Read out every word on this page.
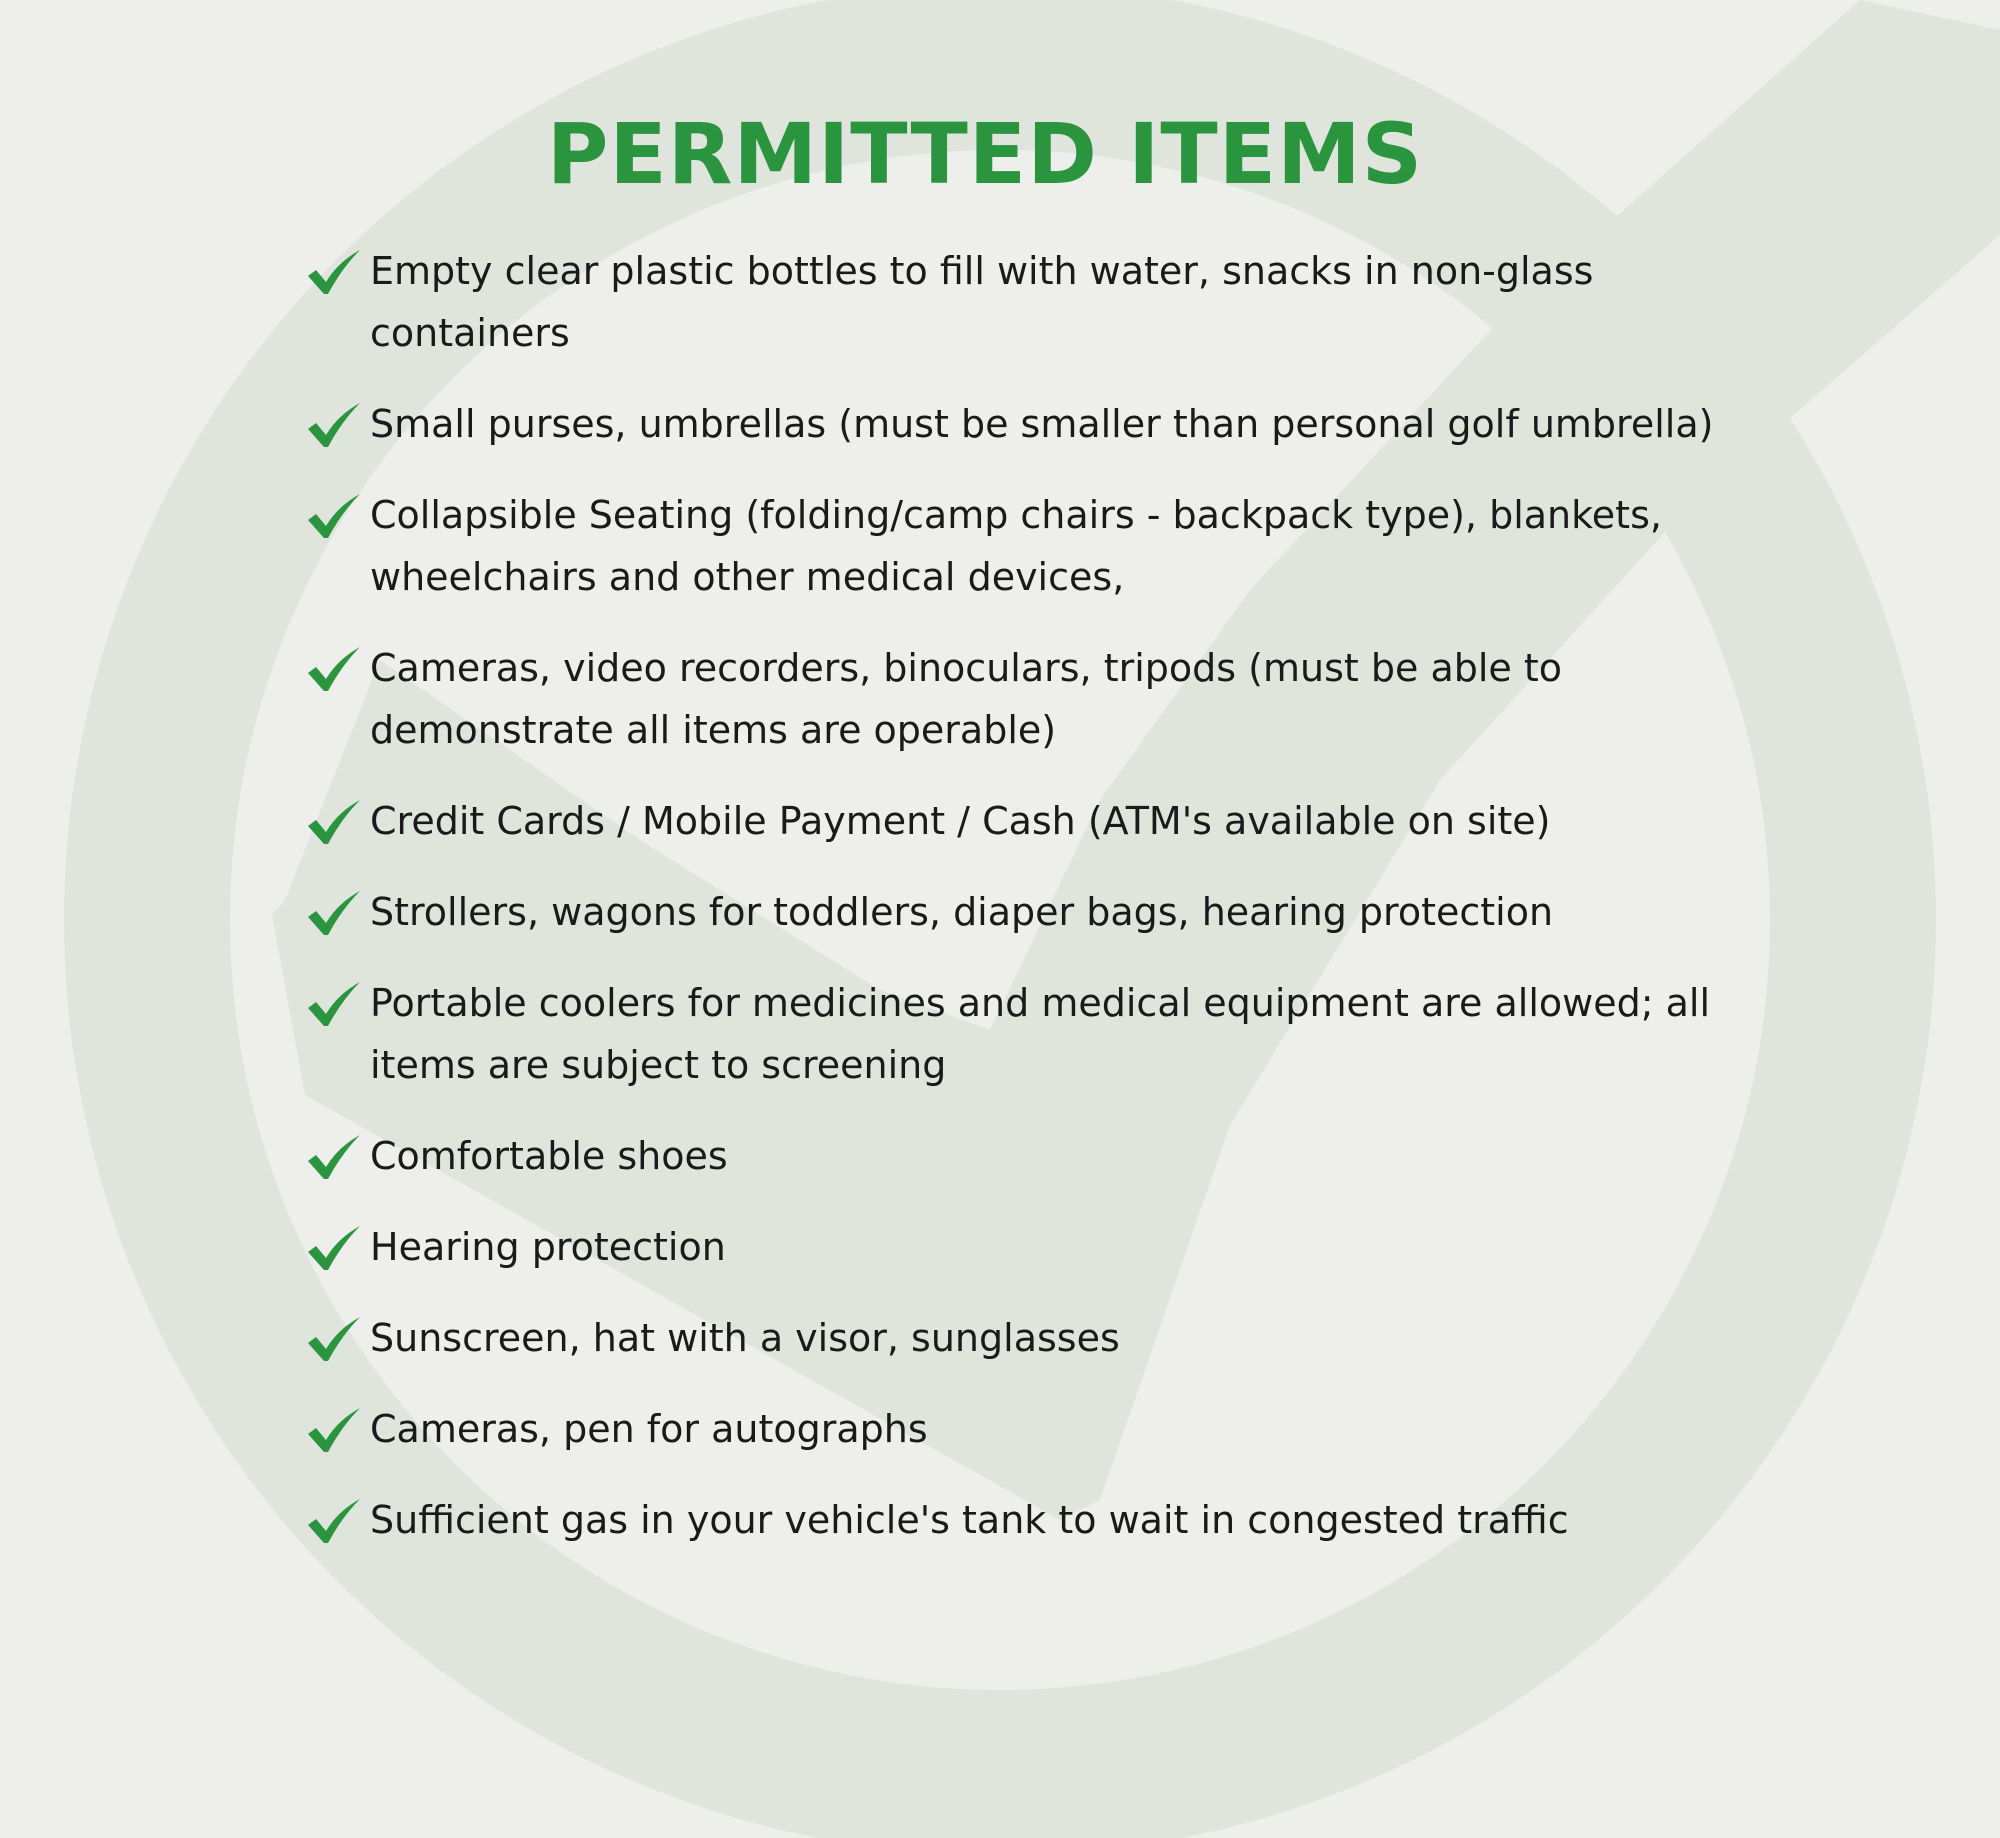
PERMITTED ITEMS
Empty clear plastic bottles to fill with water, snacks in non-glass containers
Small purses, umbrellas (must be smaller than personal golf umbrella)
Collapsible Seating (folding/camp chairs - backpack type), blankets, wheelchairs and other medical devices,
Cameras, video recorders, binoculars, tripods (must be able to demonstrate all items are operable)
Credit Cards / Mobile Payment / Cash (ATM's available on site)
Strollers, wagons for toddlers, diaper bags, hearing protection
Portable coolers for medicines and medical equipment are allowed; all items are subject to screening
Comfortable shoes
Hearing protection
Sunscreen, hat with a visor, sunglasses
Cameras, pen for autographs
Sufficient gas in your vehicle's tank to wait in congested traffic
